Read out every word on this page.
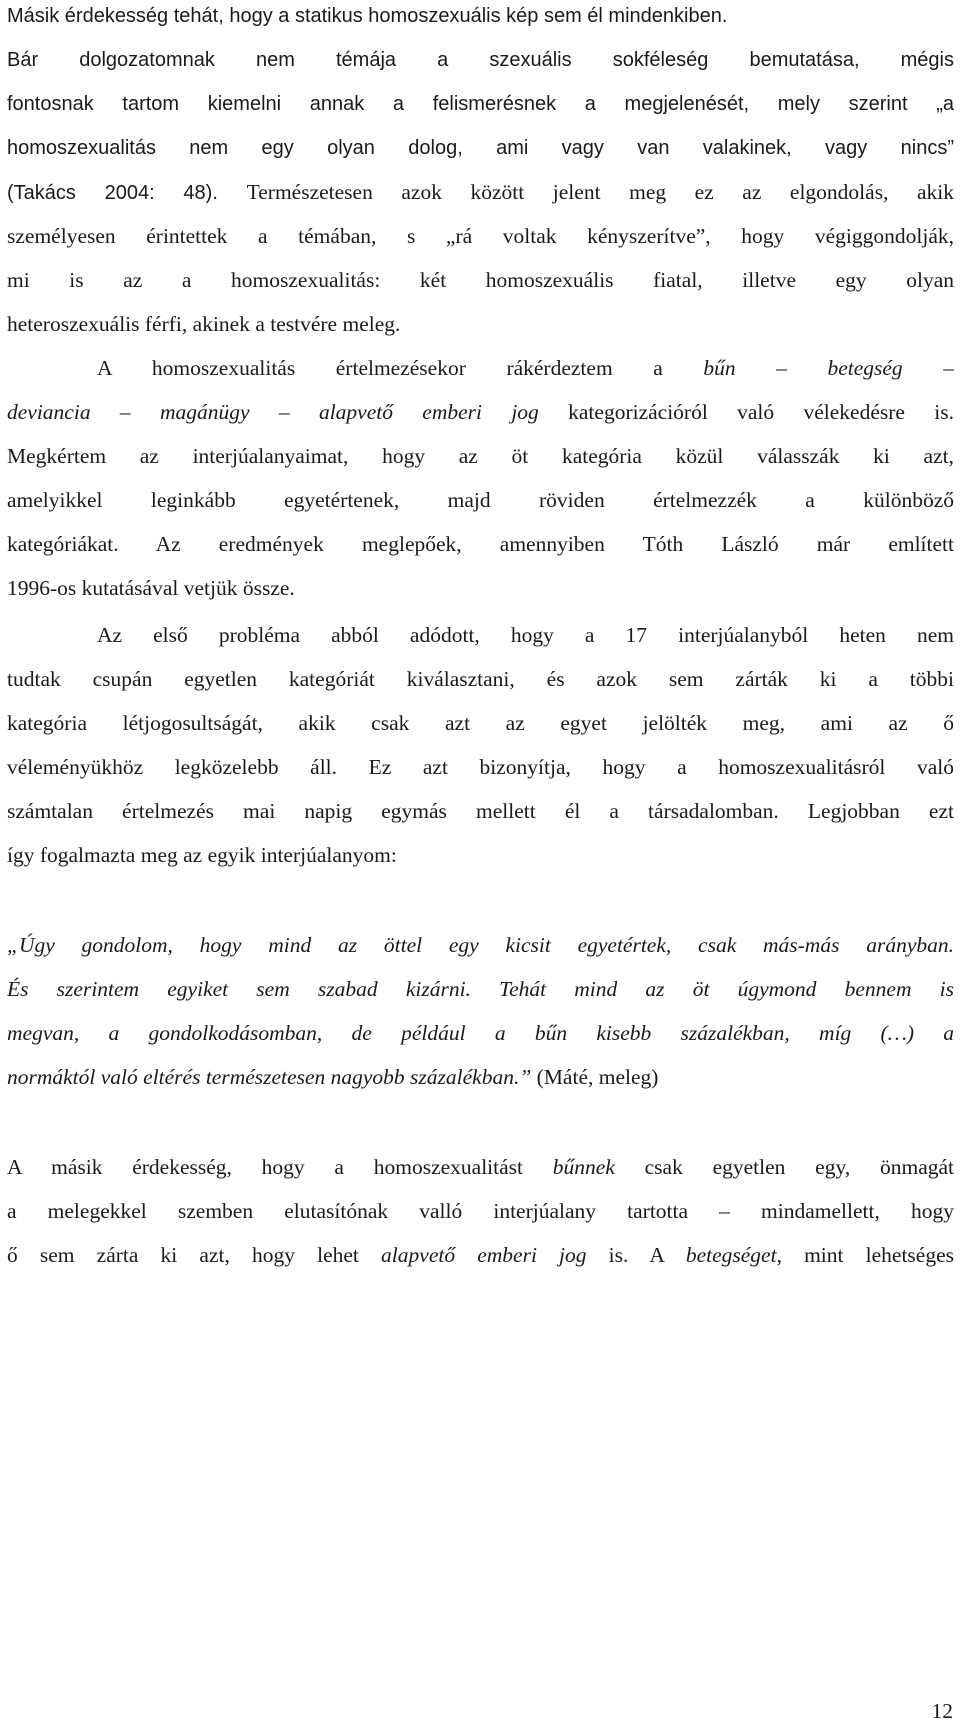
Másik érdekesség tehát, hogy a statikus homoszexuális kép sem él mindenkiben.
Bár dolgozatomnak nem témája a szexuális sokféleség bemutatása, mégis
fontosnak tartom kiemelni annak a felismerésnek a megjelenését, mely szerint „a
homoszexualitás nem egy olyan dolog, ami vagy van valakinek, vagy nincs”
(Takács 2004: 48). Természetesen azok között jelent meg ez az elgondolás, akik
személyesen érintettek a témában, s „rá voltak kényszerítve”, hogy végiggondolják,
mi is az a homoszexualitás: két homoszexuális fiatal, illetve egy olyan
heteroszexuális férfi, akinek a testvére meleg.
A homoszexualitás értelmezésekor rákérdeztem a bűn – betegség –
deviancia – magánügy – alapvető emberi jog kategorizációról való vélekedésre is.
Megkértem az interjúalanyaimat, hogy az öt kategória közül válasszák ki azt,
amelyikkel leginkább egyetértenek, majd röviden értelmezzék a különböző
kategóriákat. Az eredmények meglepőek, amennyiben Tóth László már említett
1996-os kutatásával vetjük össze.
Az első probléma abból adódott, hogy a 17 interjúalanyból heten nem
tudtak csupán egyetlen kategóriát kiválasztani, és azok sem zárták ki a többi
kategória létjogosultságát, akik csak azt az egyet jelölték meg, ami az ő
véleményükhöz legközelebb áll. Ez azt bizonyítja, hogy a homoszexualitásról való
számtalan értelmezés mai napig egymás mellett él a társadalomban. Legjobban ezt
így fogalmazta meg az egyik interjúalanyom:
„Úgy gondolom, hogy mind az öttel egy kicsit egyetértek, csak más-más arányban.
És szerintem egyiket sem szabad kizárni. Tehát mind az öt úgymond bennem is
megvan, a gondolkodásomban, de például a bűn kisebb százalékban, míg (…) a
normáktól való eltérés természetesen nagyobb százalékban.” (Máté, meleg)
A másik érdekesség, hogy a homoszexualitást bűnnek csak egyetlen egy, önmagát
a melegekkel szemben elutasítónak valló interjúalany tartotta – mindamellett, hogy
ő sem zárta ki azt, hogy lehet alapvető emberi jog is. A betegséget, mint lehetséges
12
